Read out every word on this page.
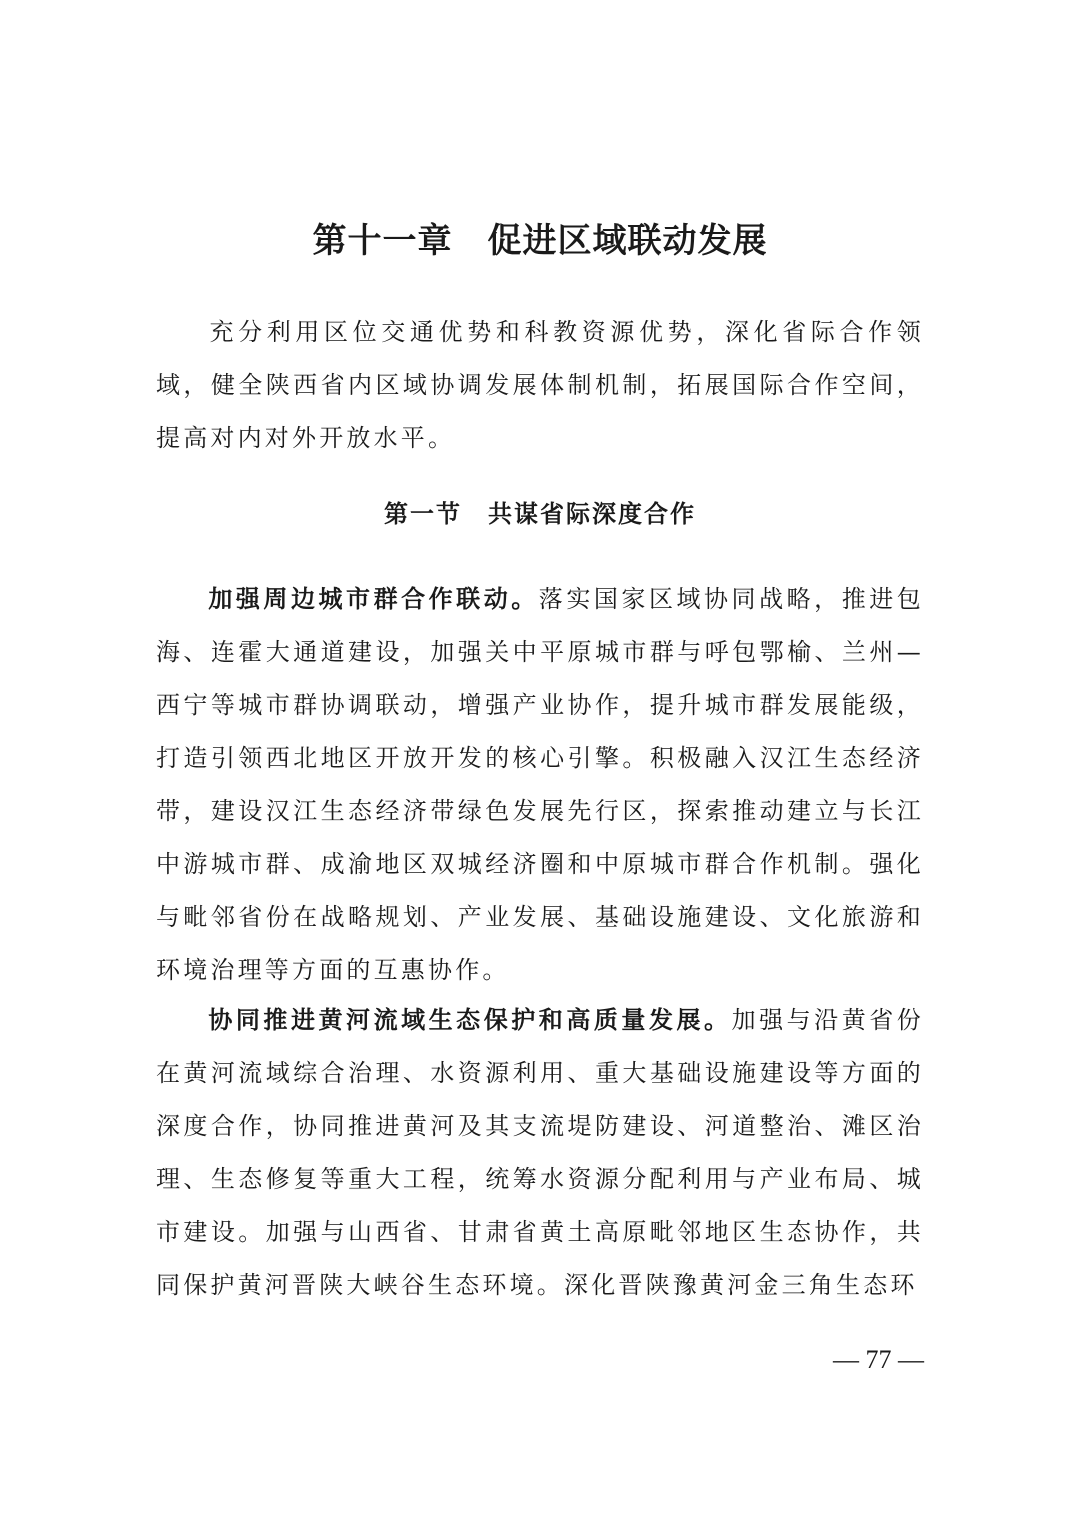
第十一章　促进区域联动发展

充分利用区位交通优势和科教资源优势，深化省际合作领域，健全陕西省内区域协调发展体制机制，拓展国际合作空间， 提高对内对外开放水平。

第一节　共谋省际深度合作

加强周边城市群合作联动。落实国家区域协同战略，推进包海、连霍大通道建设，加强关中平原城市群与呼包鄂榆、兰州—西宁等城市群协调联动，增强产业协作，提升城市群发展能级，打造引领西北地区开放开发的核心引擎。积极融入汉江生态经济带，建设汉江生态经济带绿色发展先行区，探索推动建立与长江中游城市群、成渝地区双城经济圈和中原城市群合作机制。强化与毗邻省份在战略规划、产业发展、基础设施建设、文化旅游和环境治理等方面的互惠协作。

协同推进黄河流域生态保护和高质量发展。加强与沿黄省份在黄河流域综合治理、水资源利用、重大基础设施建设等方面的深度合作，协同推进黄河及其支流堤防建设、河道整治、滩区治理、生态修复等重大工程，统筹水资源分配利用与产业布局、城市建设。加强与山西省、甘肃省黄土高原毗邻地区生态协作，共同保护黄河晋陕大峡谷生态环境。深化晋陕豫黄河金三角生态环

— 77 —
